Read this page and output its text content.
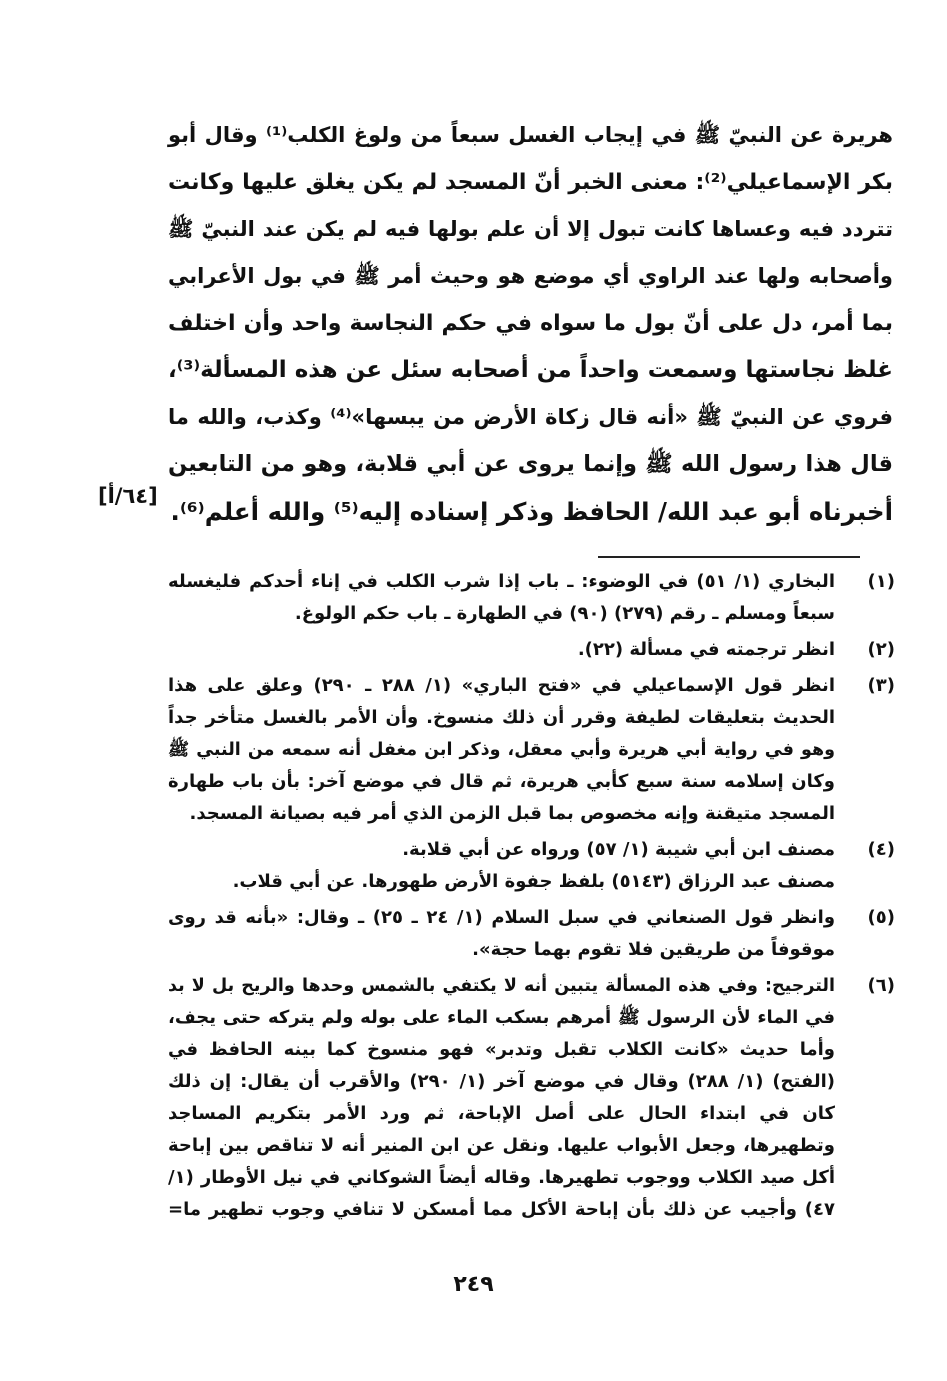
هريرة عن النبيّ ﷺ في إيجاب الغسل سبعاً من ولوغ الكلب⁽¹⁾ وقال أبو
بكر الإسماعيلي⁽²⁾: معنى الخبر أنّ المسجد لم يكن يغلق عليها وكانت
تتردد فيه وعساها كانت تبول إلا أن علم بولها فيه لم يكن عند النبيّ ﷺ
وأصحابه ولها عند الراوي أي موضع هو وحيث أمر ﷺ في بول الأعرابي
بما أمر، دل على أنّ بول ما سواه في حكم النجاسة واحد وأن اختلف
غلظ نجاستها وسمعت واحداً من أصحابه سئل عن هذه المسألة⁽³⁾،
فروي عن النبيّ ﷺ «أنه قال زكاة الأرض من يبسها»⁽⁴⁾ وكذب، والله ما
قال هذا رسول الله ﷺ وإنما يروى عن أبي قلابة، وهو من التابعين
أخبرناه أبو عبد الله/ الحافظ وذكر إسناده إليه⁽⁵⁾ والله أعلم⁽⁶⁾.
[٦٤/أ]
(١)
البخاري (١/ ٥١) في الوضوء: ـ باب إذا شرب الكلب في إناء أحدكم فليغسله
سبعاً ومسلم ـ رقم (٢٧٩) (٩٠) في الطهارة ـ باب حكم الولوغ.
(٢)
انظر ترجمته في مسألة (٢٢).
(٣)
انظر قول الإسماعيلي في «فتح الباري» (١/ ٢٨٨ ـ ٢٩٠) وعلق على هذا
الحديث بتعليقات لطيفة وقرر أن ذلك منسوخ. وأن الأمر بالغسل متأخر جداً
وهو في رواية أبي هريرة وأبي معقل، وذكر ابن مغفل أنه سمعه من النبي ﷺ
وكان إسلامه سنة سبع كأبي هريرة، ثم قال في موضع آخر: بأن باب طهارة
المسجد متيقنة وإنه مخصوص بما قبل الزمن الذي أمر فيه بصيانة المسجد.
(٤)
مصنف ابن أبي شيبة (١/ ٥٧) ورواه عن أبي قلابة.
مصنف عبد الرزاق (٥١٤٣) بلفظ جفوة الأرض طهورها. عن أبي قلاب.
(٥)
وانظر قول الصنعاني في سبل السلام (١/ ٢٤ ـ ٢٥) ـ وقال: «بأنه قد روى
موقوفاً من طريقين فلا تقوم بهما حجة».
(٦)
الترجيح: وفي هذه المسألة يتبين أنه لا يكتفي بالشمس وحدها والريح بل لا بد
في الماء لأن الرسول ﷺ أمرهم بسكب الماء على بوله ولم يتركه حتى يجف،
وأما حديث «كانت الكلاب تقبل وتدبر» فهو منسوخ كما بينه الحافظ في
(الفتح) (١/ ٢٨٨) وقال في موضع آخر (١/ ٢٩٠) والأقرب أن يقال: إن ذلك
كان في ابتداء الحال على أصل الإباحة، ثم ورد الأمر بتكريم المساجد
وتطهيرها، وجعل الأبواب عليها. ونقل عن ابن المنير أنه لا تناقص بين إباحة
أكل صيد الكلاب ووجوب تطهيرها. وقاله أيضاً الشوكاني في نيل الأوطار (١/
٤٧) وأجيب عن ذلك بأن إباحة الأكل مما أمسكن لا تنافي وجوب تطهير ما=
٢٤٩
